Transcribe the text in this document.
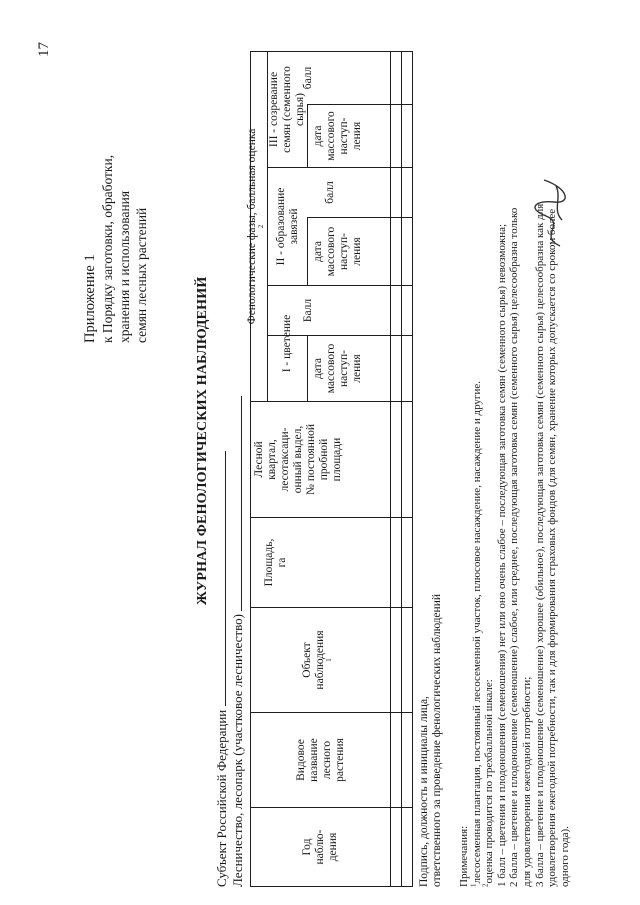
17
Приложение 1 к Порядку заготовки, обработки, хранения и использования семян лесных растений
ЖУРНАЛ ФЕНОЛОГИЧЕСКИХ НАБЛЮДЕНИЙ
Субъект Российской Федерации Лесничество, лесопарк (участковое лесничество)	Год наблю- дения
Видовое название лесного растения
Объект наблюдения $^1$
Площадь, га
Лесной квартал, лесотаксаци- онный выдел, № постоянной пробной площади
Фенологические фазы, балльная оценка $^2$
I - цветение дата массового наступ- ления
Балл
II - образование завязей
дата массового наступ- ления
балл
III - созревание семян (семенного сырья)
дата массового наступ- ления
балл
Подпись, должность и инициалы лица, ответственного за проведение фенологических наблюдений Примечания:
$^1$лесосеменная плантация, постоянный лесосеменной участок, плюсовое насаждение, насаждение и другие.
$^2$оценка проводится по трехбалльной шкале: 1 балл – цветения и плодоношения (семеношения) нет или оно очень слабое – последующая заготовка семян (семенного сырья) невозможна; 2 балла – цветение и плодоношение (семеношение) слабое, или среднее, последующая заготовка семян (семенного сырья) целесообразна только для удовлетворения ежегодной потребности; 3 балла – цветение и плодоношение (семеношение) хорошее (обильное), последующая заготовка семян (семенного сырья) целесообразна как для удовлетворения ежегодной потребности, так и для формирования страховых фондов (для семян, хранение которых допускается со сроком более одного года).
